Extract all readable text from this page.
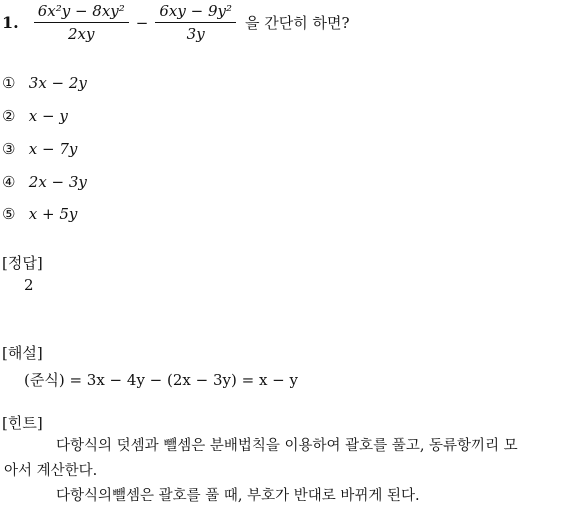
1. $\frac{\text{6x²y − 8xy²}}{2xy} - \frac{\text{6xy − 9y²}}{3y}$ 을 간단히 하면?
① 3x − 2y
② x − y
③ x − 7y
④ 2x − 3y
⑤ x + 5y
[정답]
2
[해설]
(준식) = 3x − 4y − (2x − 3y) = x − y
[힌트]
다항식의 덧셈과 뺄셈은 분배법칙을 이용하여 괄호를 풀고, 동류항끼리 모
아서 계산한다.
다항식의뺄셈은 괄호를 풀 때, 부호가 반대로 바뀌게 된다.
